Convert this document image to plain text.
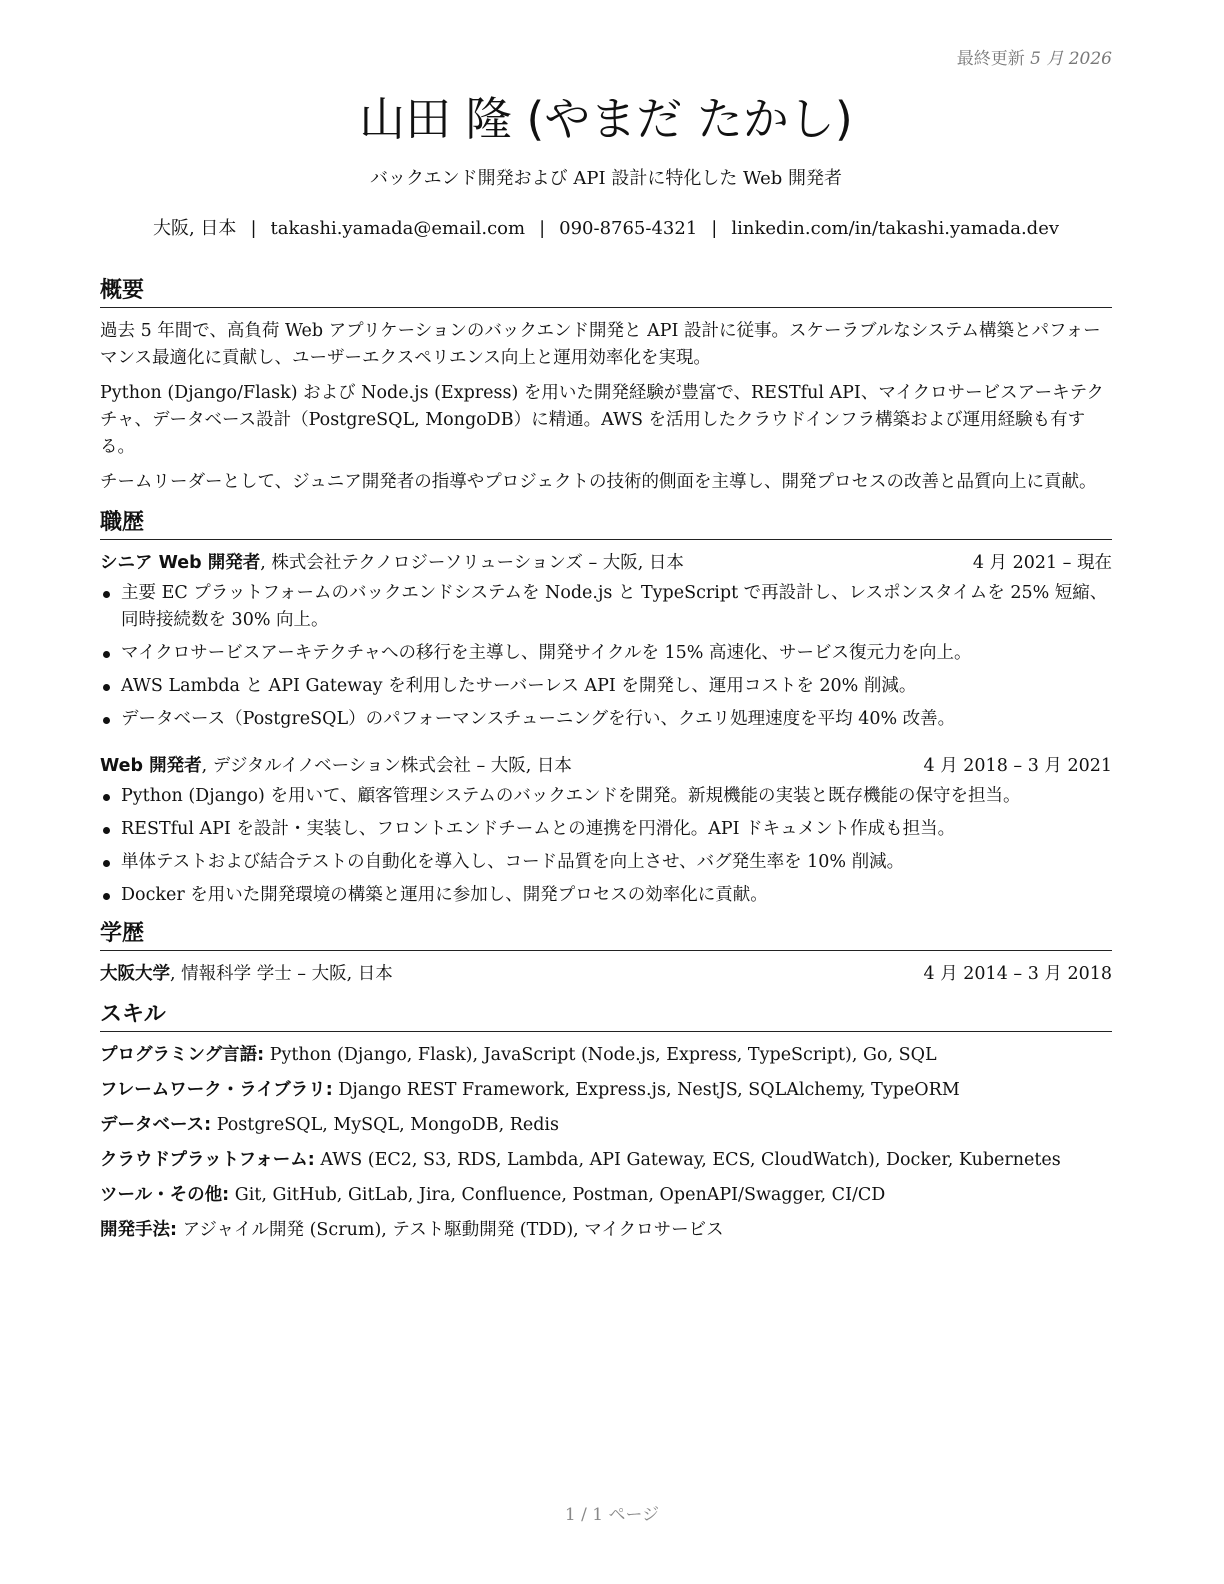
最終更新 5 月 2026
山田 隆 (やまだ たかし)
バックエンド開発および API 設計に特化した Web 開発者
大阪, 日本 | takashi.yamada@email.com | 090-8765-4321 | linkedin.com/in/takashi.yamada.dev
概要

過去 5 年間で、高負荷 Web アプリケーションのバックエンド開発と API 設計に従事。スケーラブルなシステム構築とパフォーマンス最適化に貢献し、ユーザーエクスペリエンス向上と運用効率化を実現。

Python (Django/Flask) および Node.js (Express) を用いた開発経験が豊富で、RESTful API、マイクロサービスアーキテクチャ、データベース設計（PostgreSQL, MongoDB）に精通。AWS を活用したクラウドインフラ構築および運用経験も有する。

チームリーダーとして、ジュニア開発者の指導やプロジェクトの技術的側面を主導し、開発プロセスの改善と品質向上に貢献。

職歴
シニア Web 開発者, 株式会社テクノロジーソリューションズ – 大阪, 日本	4 月 2021 – 現在
主要 EC プラットフォームのバックエンドシステムを Node.js と TypeScript で再設計し、レスポンスタイムを 25% 短縮、同時接続数を 30% 向上。
マイクロサービスアーキテクチャへの移行を主導し、開発サイクルを 15% 高速化、サービス復元力を向上。
AWS Lambda と API Gateway を利用したサーバーレス API を開発し、運用コストを 20% 削減。
データベース（PostgreSQL）のパフォーマンスチューニングを行い、クエリ処理速度を平均 40% 改善。
Web 開発者, デジタルイノベーション株式会社 – 大阪, 日本	4 月 2018 – 3 月 2021
Python (Django) を用いて、顧客管理システムのバックエンドを開発。新規機能の実装と既存機能の保守を担当。
RESTful API を設計・実装し、フロントエンドチームとの連携を円滑化。API ドキュメント作成も担当。
単体テストおよび結合テストの自動化を導入し、コード品質を向上させ、バグ発生率を 10% 削減。
Docker を用いた開発環境の構築と運用に参加し、開発プロセスの効率化に貢献。
学歴
大阪大学, 情報科学 学士 – 大阪, 日本	4 月 2014 – 3 月 2018
スキル
プログラミング言語: Python (Django, Flask), JavaScript (Node.js, Express, TypeScript), Go, SQL
フレームワーク・ライブラリ: Django REST Framework, Express.js, NestJS, SQLAlchemy, TypeORM
データベース: PostgreSQL, MySQL, MongoDB, Redis
クラウドプラットフォーム: AWS (EC2, S3, RDS, Lambda, API Gateway, ECS, CloudWatch), Docker, Kubernetes
ツール・その他: Git, GitHub, GitLab, Jira, Confluence, Postman, OpenAPI/Swagger, CI/CD
開発手法: アジャイル開発 (Scrum), テスト駆動開発 (TDD), マイクロサービス
1 / 1 ページ
